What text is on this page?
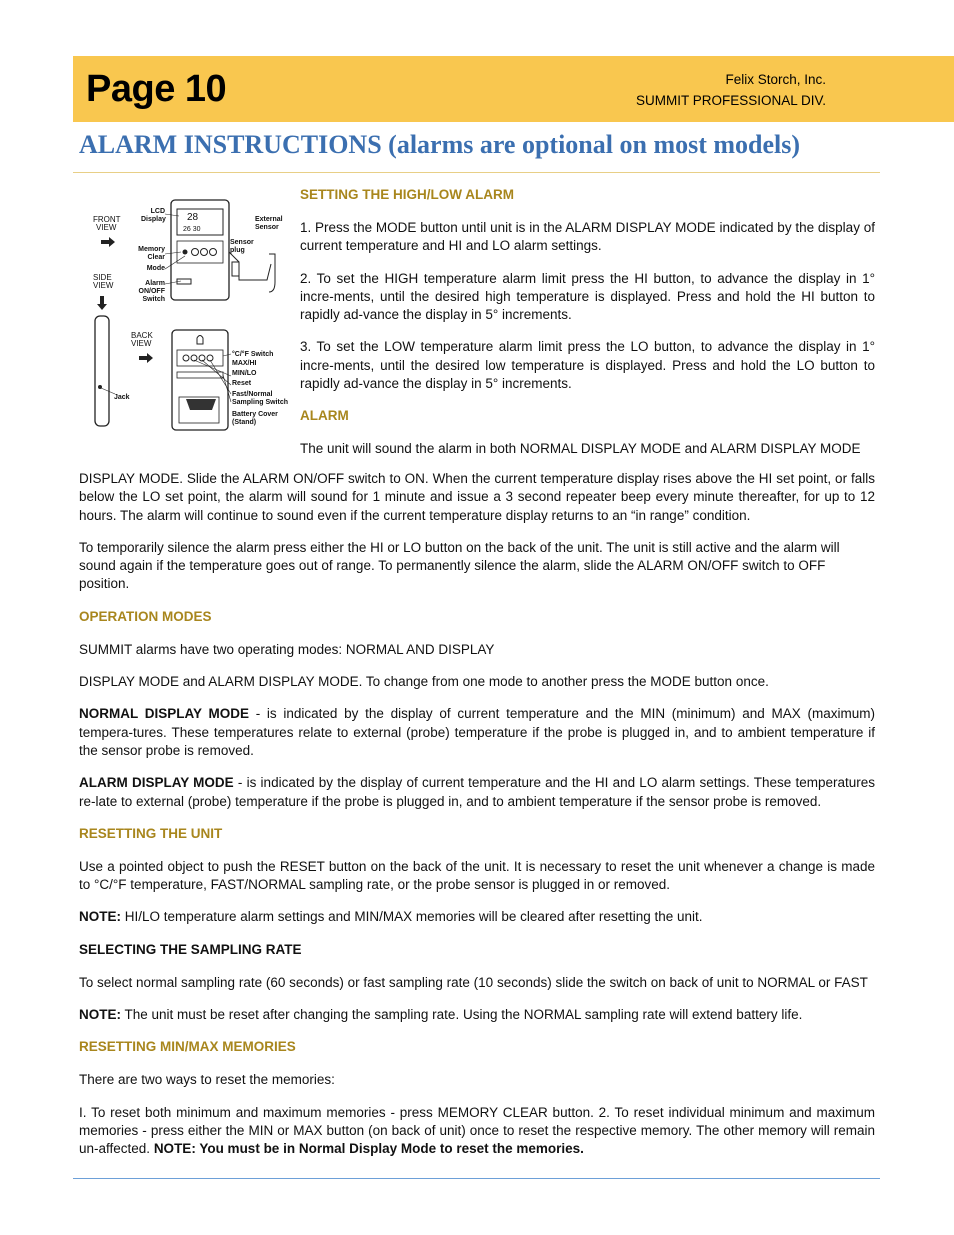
Page 10	Felix Storch, Inc.
SUMMIT PROFESSIONAL DIV.
ALARM INSTRUCTIONS (alarms are optional on most models)
28
26 30
FRONT
VIEW
SIDE
VIEW
BACK
VIEW
LCD
Display	External
Sensor
Memory
Clear
Sensor
plug
Mode
Alarm
ON/OFF
Switch
Jack
°C/°F Switch
MAX/HI
MIN/LO
Reset
Fast/Normal
Sampling Switch
Battery Cover
(Stand)
SETTING THE HIGH/LOW ALARM

1. Press the MODE button until unit is in the ALARM DISPLAY MODE indicated by the display of current temperature and HI and LO alarm settings.

2. To set the HIGH temperature alarm limit press the HI button, to advance the display in 1° incre-ments, until the desired high temperature is displayed. Press and hold the HI button to rapidly ad-vance the display in 5° increments.

3. To set the LOW temperature alarm limit press the LO button, to advance the display in 1° incre-ments, until the desired low temperature is displayed. Press and hold the LO button to rapidly ad-vance the display in 5° increments.

ALARM

The unit will sound the alarm in both NORMAL DISPLAY MODE and ALARM DISPLAY MODE

DISPLAY MODE. Slide the ALARM ON/OFF switch to ON. When the current temperature display rises above the HI set point, or falls below the LO set point, the alarm will sound for 1 minute and issue a 3 second repeater beep every minute thereafter, for up to 12 hours. The alarm will continue to sound even if the current temperature display returns to an “in range” condition.

To temporarily silence the alarm press either the HI or LO button on the back of the unit. The unit is still active and the alarm will sound again if the temperature goes out of range. To permanently silence the alarm, slide the ALARM ON/OFF switch to OFF position.

OPERATION MODES

SUMMIT alarms have two operating modes: NORMAL AND DISPLAY

DISPLAY MODE and ALARM DISPLAY MODE. To change from one mode to another press the MODE button once.

NORMAL DISPLAY MODE - is indicated by the display of current temperature and the MIN (minimum) and MAX (maximum) tempera-tures. These temperatures relate to external (probe) temperature if the probe is plugged in, and to ambient temperature if the sensor probe is removed.

ALARM DISPLAY MODE - is indicated by the display of current temperature and the HI and LO alarm settings. These temperatures re-late to external (probe) temperature if the probe is plugged in, and to ambient temperature if the sensor probe is removed.

RESETTING THE UNIT

Use a pointed object to push the RESET button on the back of the unit. It is necessary to reset the unit whenever a change is made to °C/°F temperature, FAST/NORMAL sampling rate, or the probe sensor is plugged in or removed.

NOTE: HI/LO temperature alarm settings and MIN/MAX memories will be cleared after resetting the unit.

SELECTING THE SAMPLING RATE

To select normal sampling rate (60 seconds) or fast sampling rate (10 seconds) slide the switch on back of unit to NORMAL or FAST

NOTE: The unit must be reset after changing the sampling rate. Using the NORMAL sampling rate will extend battery life.

RESETTING MIN/MAX MEMORIES

There are two ways to reset the memories:

I. To reset both minimum and maximum memories - press MEMORY CLEAR button. 2. To reset individual minimum and maximum memories - press either the MIN or MAX button (on back of unit) once to reset the respective memory. The other memory will remain un-affected. NOTE: You must be in Normal Display Mode to reset the memories.
